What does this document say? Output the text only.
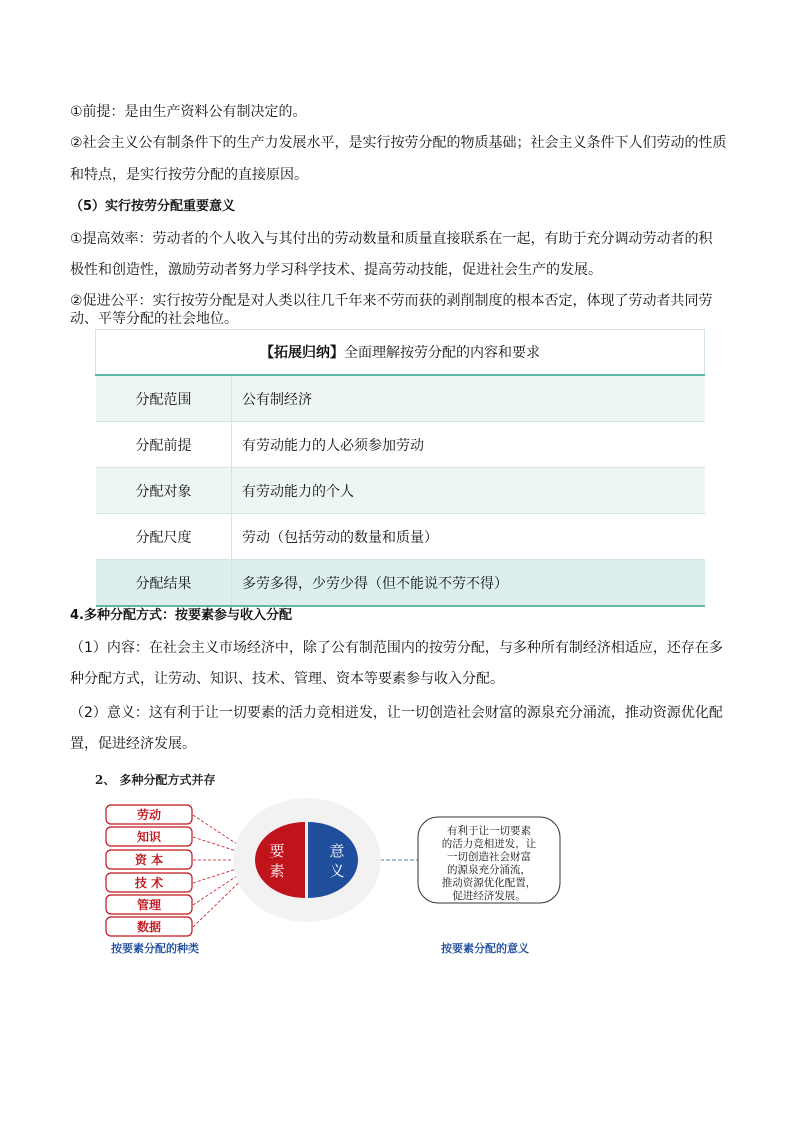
①前提：是由生产资料公有制决定的。

②社会主义公有制条件下的生产力发展水平，是实行按劳分配的物质基础；社会主义条件下人们劳动的性质

和特点，是实行按劳分配的直接原因。

（5）实行按劳分配重要意义

①提高效率：劳动者的个人收入与其付出的劳动数量和质量直接联系在一起，有助于充分调动劳动者的积

极性和创造性，激励劳动者努力学习科学技术、提高劳动技能，促进社会生产的发展。

②促进公平：实行按劳分配是对人类以往几千年来不劳而获的剥削制度的根本否定，体现了劳动者共同劳

动、平等分配的社会地位。

【拓展归纳】全面理解按劳分配的内容和要求	
分配范围	公有制经济
分配前提	有劳动能力的人必须参加劳动
分配对象	有劳动能力的个人
分配尺度	劳动（包括劳动的数量和质量）
分配结果	多劳多得，少劳少得（但不能说不劳不得）

4.多种分配方式：按要素参与收入分配

（1）内容：在社会主义市场经济中，除了公有制范围内的按劳分配，与多种所有制经济相适应，还存在多

种分配方式，让劳动、知识、技术、管理、资本等要素参与收入分配。

（2）意义：这有利于让一切要素的活力竞相迸发，让一切创造社会财富的源泉充分涌流，推动资源优化配

置，促进经济发展。

2、 多种分配方式并存
劳动
知识
资 本
技 术
管理
数据
要
素
意
义
有利于让一切要素
的活力竞相迸发，让
一切创造社会财富
的源泉充分涌流，
推动资源优化配置，
促进经济发展。
按要素分配的种类	按要素分配的意义
